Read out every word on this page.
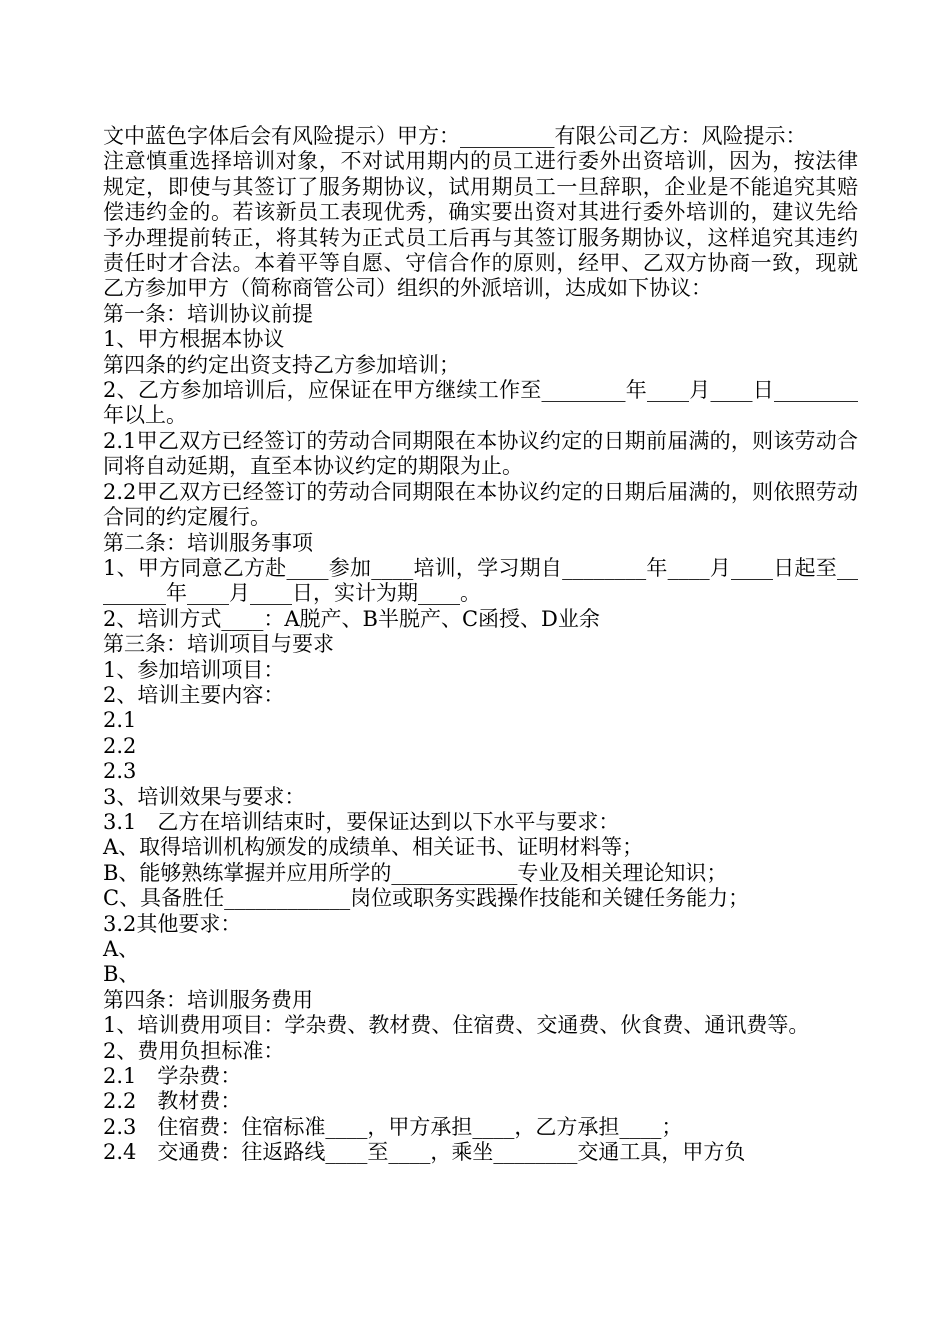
文中蓝色字体后会有风险提示）甲方：_________有限公司乙方：风险提示：

注意慎重选择培训对象，不对试用期内的员工进行委外出资培训，因为，按法律规定，即使与其签订了服务期协议，试用期员工一旦辞职，企业是不能追究其赔偿违约金的。若该新员工表现优秀，确实要出资对其进行委外培训的，建议先给予办理提前转正，将其转为正式员工后再与其签订服务期协议，这样追究其违约责任时才合法。本着平等自愿、守信合作的原则，经甲、乙双方协商一致，现就乙方参加甲方（简称商管公司）组织的外派培训，达成如下协议：

第一条：培训协议前提

1、甲方根据本协议

第四条的约定出资支持乙方参加培训；

2、乙方参加培训后，应保证在甲方继续工作至________年____月____日________年以上。

2.1甲乙双方已经签订的劳动合同期限在本协议约定的日期前届满的，则该劳动合同将自动延期，直至本协议约定的期限为止。

2.2甲乙双方已经签订的劳动合同期限在本协议约定的日期后届满的，则依照劳动合同的约定履行。

第二条：培训服务事项

1、甲方同意乙方赴____参加____培训，学习期自________年____月____日起至________年____月____日，实计为期____。

2、培训方式____：A脱产、B半脱产、C函授、D业余

第三条：培训项目与要求

1、参加培训项目：

2、培训主要内容：

2.1

2.2

2.3

3、培训效果与要求：

3.1　乙方在培训结束时，要保证达到以下水平与要求：

A、取得培训机构颁发的成绩单、相关证书、证明材料等；

B、能够熟练掌握并应用所学的____________专业及相关理论知识；

C、具备胜任____________岗位或职务实践操作技能和关键任务能力；

3.2其他要求：

A、

B、

第四条：培训服务费用

1、培训费用项目：学杂费、教材费、住宿费、交通费、伙食费、通讯费等。

2、费用负担标准：

2.1　学杂费：

2.2　教材费：

2.3　住宿费：住宿标准____，甲方承担____，乙方承担____；

2.4　交通费：往返路线____至____，乘坐________交通工具，甲方负
